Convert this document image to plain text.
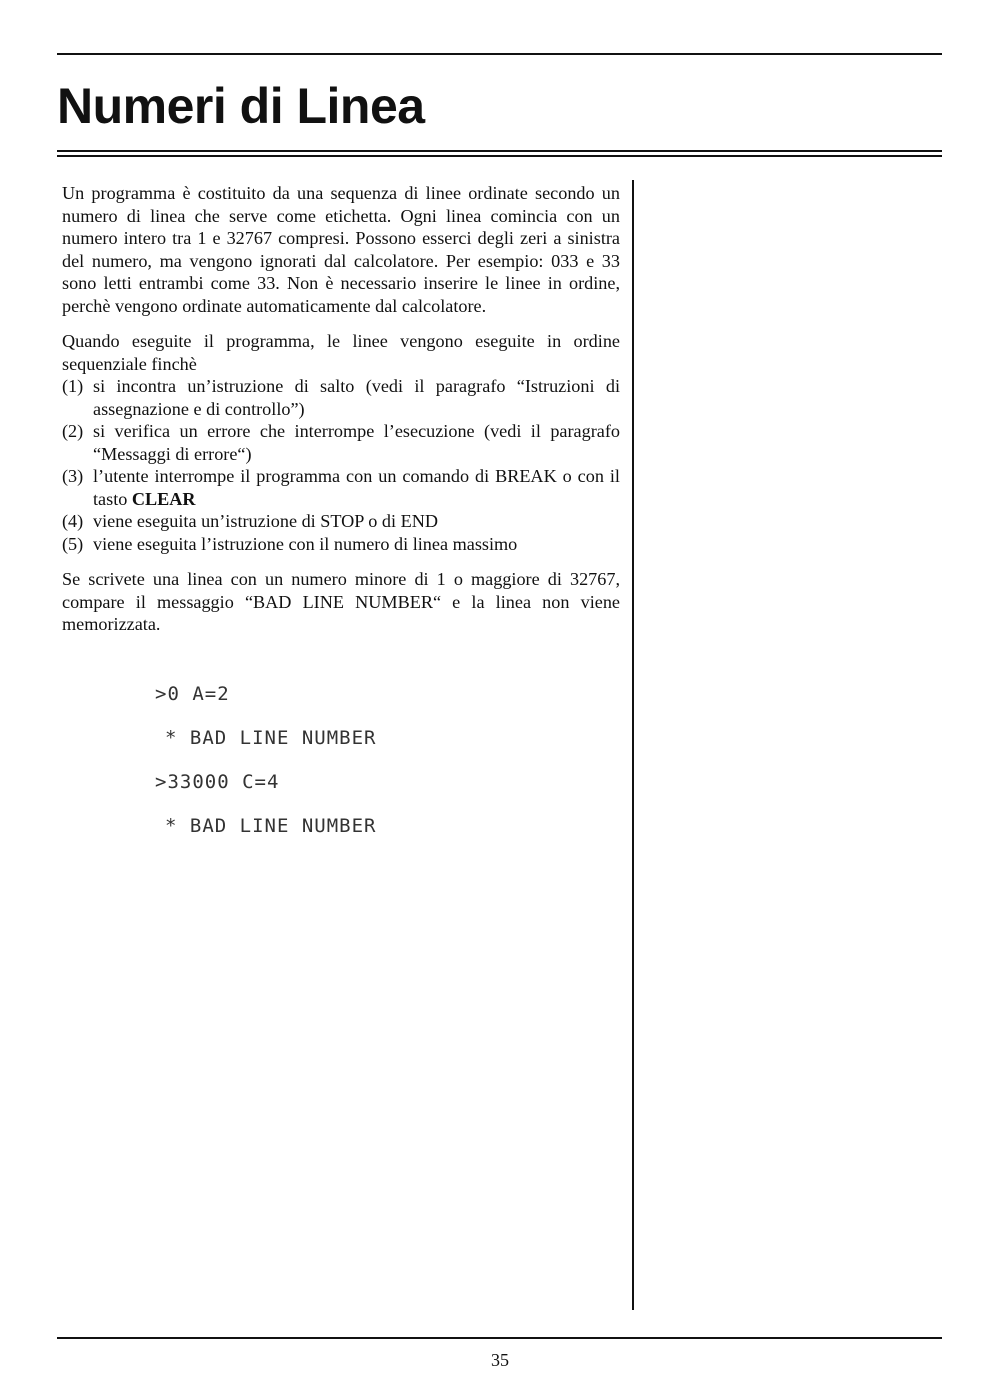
Numeri di Linea

Un programma è costituito da una sequenza di linee ordinate secondo un numero di linea che serve come etichetta. Ogni linea comincia con un numero intero tra 1 e 32767 compresi. Possono esserci degli zeri a sinistra del numero, ma vengono ignorati dal calcolatore. Per esempio: 033 e 33 sono letti entrambi come 33. Non è necessario inserire le linee in ordine, perchè vengono ordinate automaticamente dal calcolatore.

Quando eseguite il programma, le linee vengono eseguite in ordine sequenziale finchè

(1) si incontra un’istruzione di salto (vedi il paragrafo “Istruzioni di assegnazione e di controllo”)
(2) si verifica un errore che interrompe l’esecuzione (vedi il paragrafo “Messaggi di errore“)
(3) l’utente interrompe il programma con un comando di BREAK o con il tasto CLEAR
(4) viene eseguita un’istruzione di STOP o di END
(5) viene eseguita l’istruzione con il numero di linea massimo

Se scrivete una linea con un numero minore di 1 o maggiore di 32767, compare il messaggio “BAD LINE NUMBER“ e la linea non viene memorizzata.

>0 A=2
* BAD LINE NUMBER
>33000 C=4
* BAD LINE NUMBER
35
